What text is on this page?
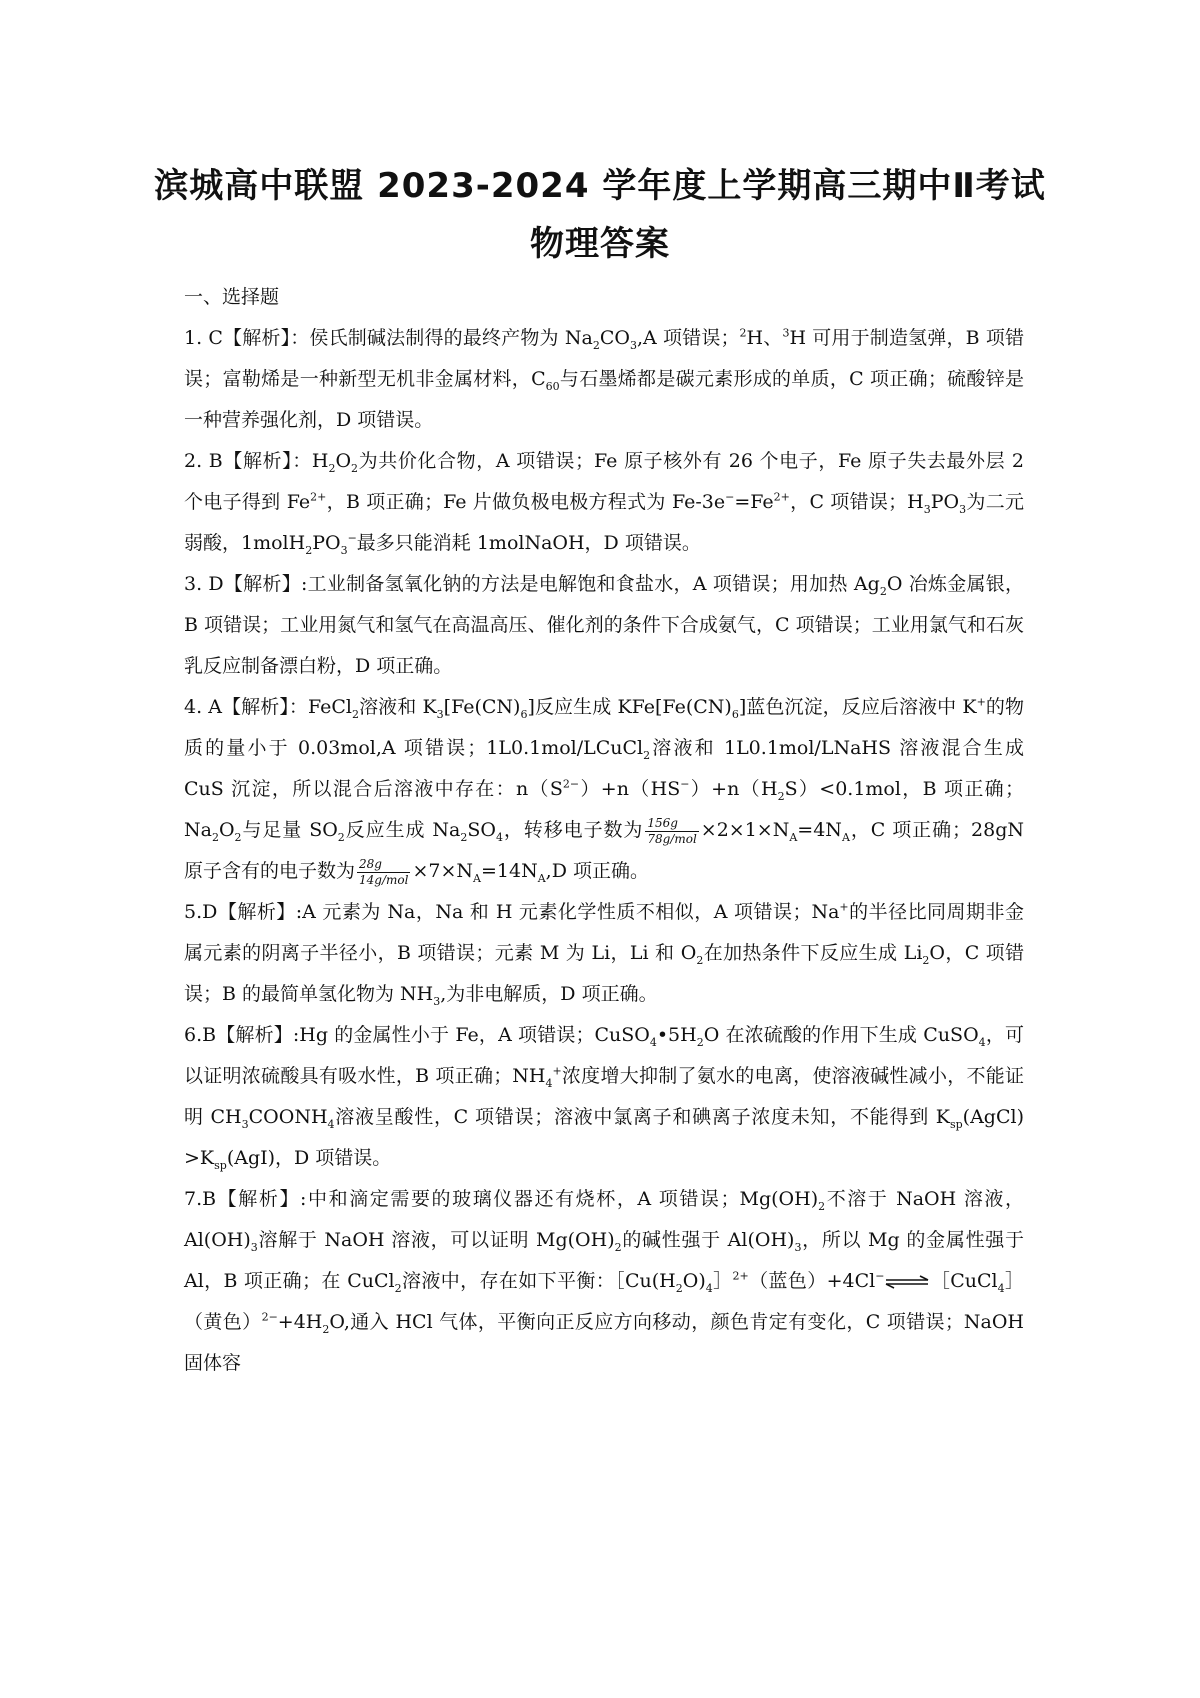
滨城高中联盟 2023-2024 学年度上学期高三期中Ⅱ考试
物理答案
一、选择题

1. C【解析】：侯氏制碱法制得的最终产物为 $Na_2CO_3,A$ 项错误；$^2$H、$^3$H 可用于制造氢弹，B 项错误；富勒烯是一种新型无机非金属材料，$C_{60}$与石墨烯都是碳元素形成的单质，C 项正确；硫酸锌是一种营养强化剂，D 项错误。

2. B【解析】：$H_2O_2$为共价化合物，A 项错误；Fe 原子核外有 26 个电子，Fe 原子失去最外层 2 个电子得到 $Fe^{2+}$，B 项正确；Fe 片做负极电极方程式为 $Fe-3e^-=Fe^{2+}$，C 项错误；$H_3PO_3$为二元弱酸，$1molH_2PO_3^-$最多只能消耗 1molNaOH，D 项错误。

3. D【解析】:工业制备氢氧化钠的方法是电解饱和食盐水，A 项错误；用加热 $Ag_2O$ 冶炼金属银， B 项错误；工业用氮气和氢气在高温高压、催化剂的条件下合成氨气，C 项错误；工业用氯气和石灰乳反应制备漂白粉，D 项正确。

4. A【解析】：FeCl$_2$溶液和 $K_3[Fe(CN)_6]$反应生成 $KFe[Fe(CN)_6]$蓝色沉淀，反应后溶液中 K+的物质的量小于 0.03mol,A 项错误；1L0.1mol/LCuCl$_2$溶液和 1L0.1mol/LNaHS 溶液混合生成 CuS 沉淀，所以混合后溶液中存在：$n(S^{2-})+n(HS^-)+n(H_2S)<0.1mol$，B 项正确；$Na_2O_2$与足量 $SO_2$反应生成 $Na_2SO_4$，转移电子数为 $\frac{156g}{\text{78g/mol}} \times 2\times 1\times N_A=4N_A$，C 项正确；28gN 原子含有的电子数为 $\frac{28g}{\text{14g/mol}} \times 7\times N_A=14N_A,D$ 项正确。

5.D【解析】:A 元素为 Na，Na 和 H 元素化学性质不相似，A 项错误；Na+的半径比同周期非金属元素的阴离子半径小，B 项错误；元素 M 为 Li，Li 和 $O_2$在加热条件下反应生成 $Li_2O$，C 项错误；B 的最简单氢化物为 $NH_3$,为非电解质，D 项正确。

6.B【解析】:Hg 的金属性小于 Fe，A 项错误；$CuSO_4•5H_2O$ 在浓硫酸的作用下生成 CuSO$_4$，可以证明浓硫酸具有吸水性，B 项正确；$NH_4^+$浓度增大抑制了氨水的电离，使溶液碱性减小，不能证明 $CH_3COONH_4$溶液呈酸性，C 项错误；溶液中氯离子和碘离子浓度未知，不能得到 $K_{sp}(AgCl) >K_{sp}(AgI)$，D 项错误。

7.B【解析】:中和滴定需要的玻璃仪器还有烧杯，A 项错误；$Mg(OH)_2$不溶于 NaOH 溶液，$Al(OH)_3$溶解于 NaOH 溶液，可以证明 $Mg(OH)_2$的碱性强于 $Al(OH)_3$，所以 Mg 的金属性强于 Al，B 项正确；在 CuCl$_2$溶液中，存在如下平衡：$[Cu(H_2O)_4]^{2+}$（蓝色）+4Cl−⇌［CuCl$_4$］（黄色）$^{2-}+4H_2O$,通入 HCl 气体，平衡向正反应方向移动，颜色肯定有变化，C 项错误；NaOH 固体容
